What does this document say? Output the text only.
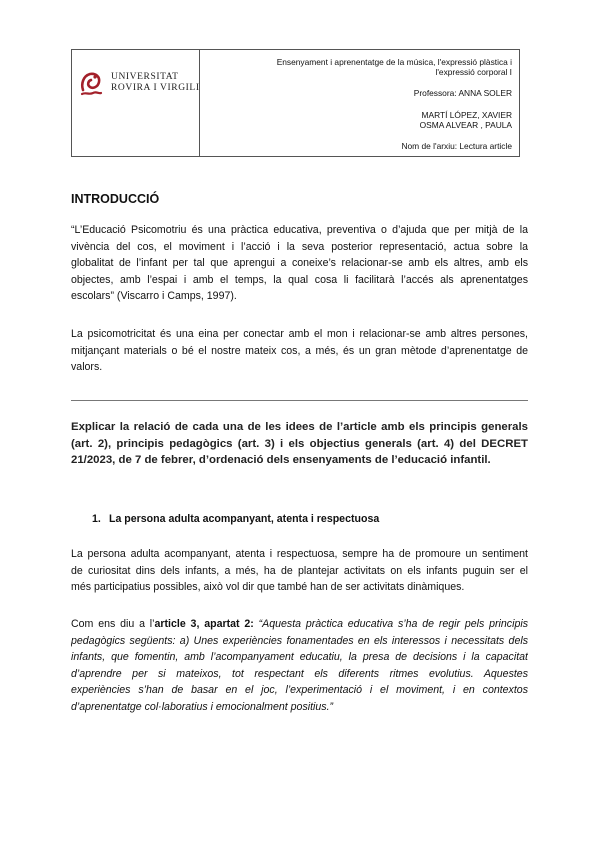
UNIVERSITAT
ROVIRA I VIRGILI
Ensenyament i aprenentatge de la música, l'expressió plàstica i
l'expressió corporal I
Professora: ANNA SOLER
MARTÍ LÓPEZ, XAVIER
OSMA ALVEAR , PAULA
Nom de l'arxiu: Lectura article
INTRODUCCIÓ
“L’Educació Psicomotriu és una pràctica educativa, preventiva o d’ajuda que per mitjà de la
vivència del cos, el moviment i l’acció i la seva posterior representació, actua sobre la
globalitat de l’infant per tal que aprengui a coneixe’s relacionar-se amb els altres, amb els
objectes, amb l’espai i amb el temps, la qual cosa li facilitarà l’accés als aprenentatges
escolars” (Viscarro i Camps, 1997).
La psicomotricitat és una eina per conectar amb el mon i relacionar-se amb altres persones,
mitjançant materials o bé el nostre mateix cos, a més, és un gran mètode d’aprenentatge de
valors.
Explicar la relació de cada una de les idees de l’article amb els principis generals
(art. 2), principis pedagògics (art. 3) i els objectius generals (art. 4) del DECRET
21/2023, de 7 de febrer, d’ordenació dels ensenyaments de l’educació infantil.
1. La persona adulta acompanyant, atenta i respectuosa
La persona adulta acompanyant, atenta i respectuosa, sempre ha de promoure un sentiment
de curiositat dins dels infants, a més, ha de plantejar activitats on els infants puguin ser el
més participatius possibles, això vol dir que també han de ser activitats dinàmiques.
Com ens diu a l’article 3, apartat 2: “Aquesta pràctica educativa s’ha de regir pels principis
pedagògics següents: a) Unes experiències fonamentades en els interessos i necessitats dels
infants, que fomentin, amb l’acompanyament educatiu, la presa de decisions i la capacitat
d’aprendre per si mateixos, tot respectant els diferents ritmes evolutius. Aquestes
experiències s’han de basar en el joc, l’experimentació i el moviment, i en contextos
d’aprenentatge col·laboratius i emocionalment positius.”
